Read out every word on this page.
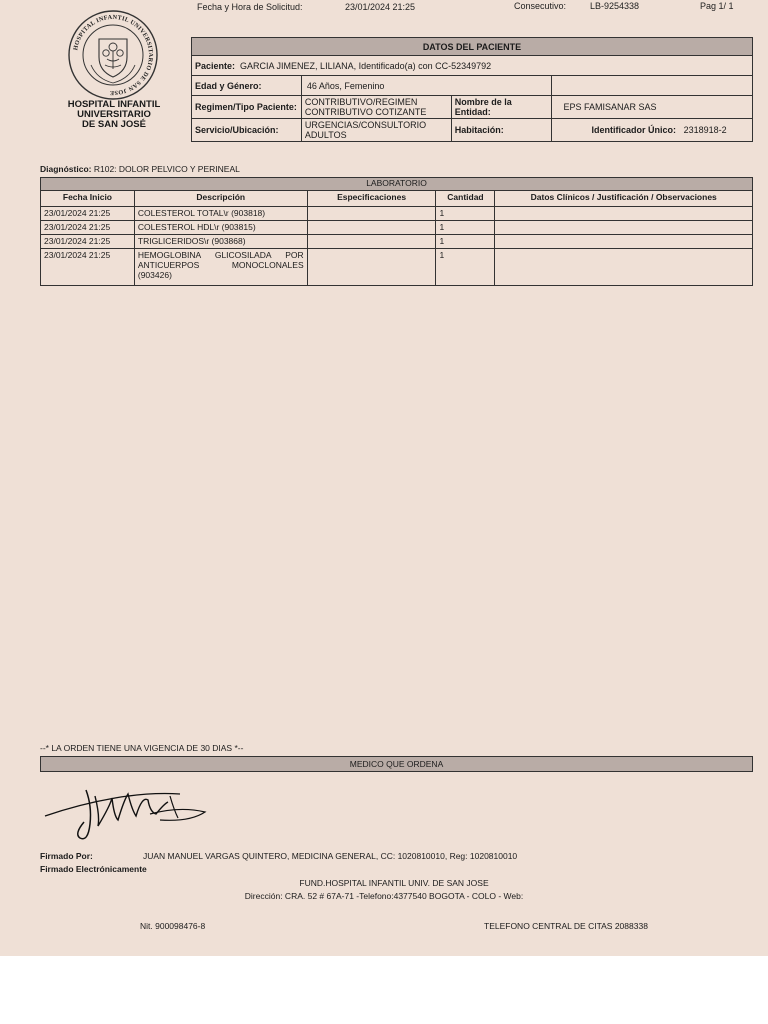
Fecha y Hora de Solicitud:	23/01/2024 21:25	Consecutivo:	LB-9254338	Pag 1/ 1
HOSPITAL INFANTIL UNIVERSITARIO DE SAN JOSE
HOSPITAL INFANTIL
UNIVERSITARIO
DE SAN JOSÉ
DATOS DEL PACIENTE			
Paciente: GARCIA JIMENEZ, LILIANA, Identificado(a) con CC-52349792			
Edad y Género:	46 Años, Femenino		
Regimen/Tipo Paciente:	CONTRIBUTIVO/REGIMEN
CONTRIBUTIVO COTIZANTE	Nombre de la Entidad:	EPS FAMISANAR SAS
Servicio/Ubicación:	URGENCIAS/CONSULTORIO
ADULTOS	Habitación:	Identificador Único: 2318918-2
Diagnóstico: R102: DOLOR PELVICO Y PERINEAL
LABORATORIO				
Fecha Inicio	Descripción	Especificaciones	Cantidad	Datos Clínicos / Justificación / Observaciones
23/01/2024 21:25	COLESTEROL TOTAL\r (903818)		1	
23/01/2024 21:25	COLESTEROL HDL\r (903815)		1	
23/01/2024 21:25	TRIGLICERIDOS\r (903868)		1	
23/01/2024 21:25	HEMOGLOBINA GLICOSILADA POR
ANTICUERPOS MONOCLONALES
(903426)		1	
--* LA ORDEN TIENE UNA VIGENCIA DE 30 DIAS *--
MEDICO QUE ORDENA
Firmado Por:	JUAN MANUEL VARGAS QUINTERO, MEDICINA GENERAL, CC: 1020810010, Reg: 1020810010
Firmado Electrónicamente
FUND.HOSPITAL INFANTIL UNIV. DE SAN JOSE
Dirección: CRA. 52 # 67A-71 -Telefono:4377540 BOGOTA - COLO - Web:
Nit. 900098476-8	TELEFONO CENTRAL DE CITAS 2088338
